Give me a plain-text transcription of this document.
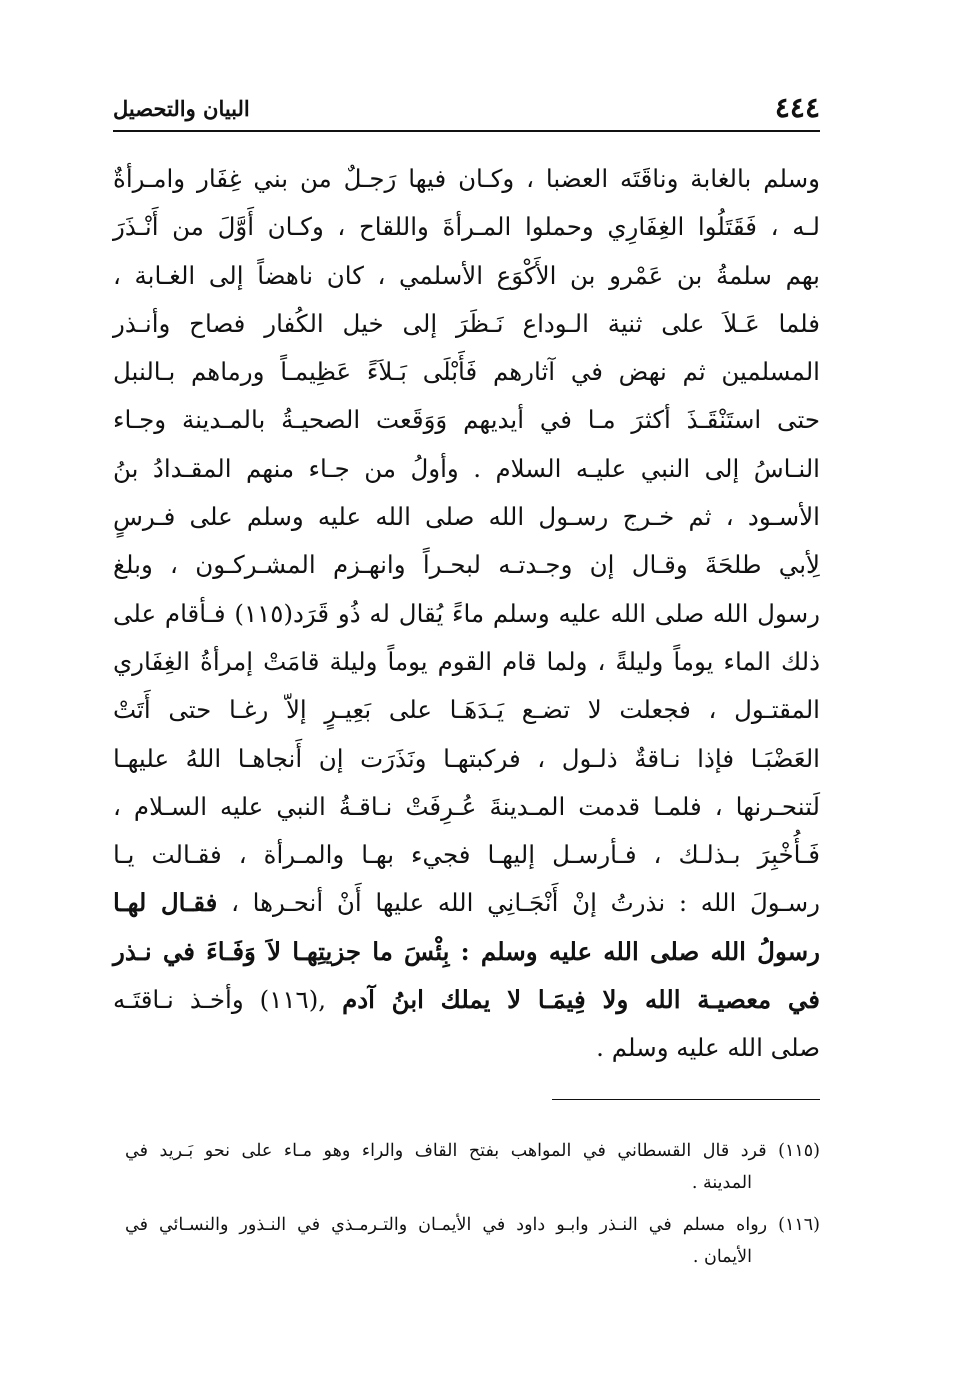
٤٤٤
البيان والتحصيل
وسلم بالغابة وناقَتَه العضبا ، وكـان فيها رَجـلٌ من بني غِفَار وامـرأةٌ
لـه ، فَقَتَلُوا الغِفَارِي وحملوا المـرأةَ واللقاح ، وكـان أَوَّلَ من أَنْـذَرَ
بهم سلمةُ بن عَمْرو بن الأَكْوَع الأسلمي ، كان ناهضاً إلى الغـابة ،
فلما عَـلاَ على ثنية الـوداع نَـظَرَ إلى خيل الكُفار فصاح وأنـذر
المسلمين ثم نهض في آثارهم فَأَبْلَى بَـلاَءً عَظِيمـاً ورماهم بـالنبل
حتى استَنْقَـذَ أكثرَ مـا في أيديهم وَوَقَعت الصحيـةُ بالمـدينة وجـاء
النـاسُ إلى النبي عليـه السلام . وأولُ من جـاء منهم المقـدادُ بنُ
الأسـود ، ثم خـرج رسـول الله صلى الله عليه وسلم على فـرسٍ
لِأبي طلحَةَ وقـال إن وجـدتـه لبحـراً وانهـزم المشـركـون ، وبلغ
رسول الله صلى الله عليه وسلم ماءً يُقال له ذُو قَرَد(١١٥) فـأقام على
ذلك الماء يوماً وليلةً ، ولما قام القوم يوماً وليلة قامَتْ إمرأةُ الغِفَاري
المقتـول ، فجعلت لا تضـع يَـدَهَـا على بَعِيـرٍ إلاّ رغـا حتى أَتَتْ
العَضْبَـا فإذا نـاقةٌ ذلـول ، فركبتهـا ونَذَرَت إن أَنجاهـا اللهُ عليهـا
لَتنحـرنها ، فلمـا قدمت المـدينةَ عُـرِفَتْ نـاقـةُ النبي عليه السـلام ،
فَـأُخْبِرَ بـذلـك ، فـأرسـل إليهـا فجيء بهـا والمـرأة ، فقـالت يـا
رسـولَ الله : نذرتُ إنْ أَنْجَـانِي الله عليها أَنْ أنحـرها ، فقـال لهـا
رسولُ الله صلى الله عليه وسلم : بِئْسَ ما جزيتِهـا لاَ وَفَـاءَ في نـذر
في معصيـة الله ولا فِيمَـا لا يملك ابنُ آدم ,(١١٦) وأخـذ نـاقتَـه
صلى الله عليه وسلم .
(١١٥) قرد قال القسطاني في المواهب بفتح القاف والراء وهو مـاء على نحو بَـريد في
المدينة .
(١١٦) رواه مسلم في النـذر وابـو داود في الأيمـان والتـرمـذي في النـذور والنسـائي في
الأيمان .
